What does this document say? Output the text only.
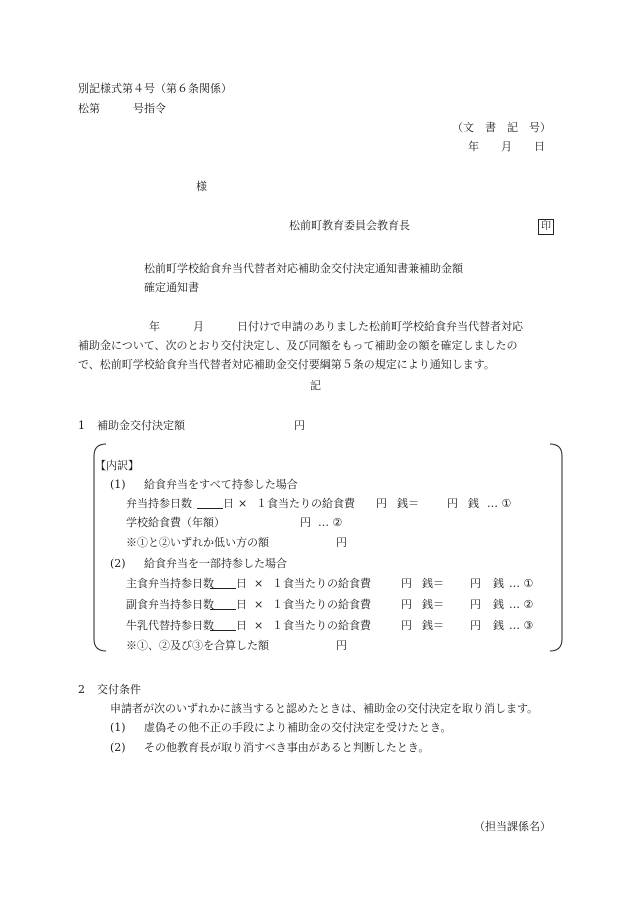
別記様式第４号（第６条関係）
松第　　　号指令
（文　書　記　号）
年　　月　　日
様
松前町教育委員会教育長	印
松前町学校給食弁当代替者対応補助金交付決定通知書兼補助金額
確定通知書
年　　　月　　　日付けで申請のありました松前町学校給食弁当代替者対応
補助金について、次のとおり交付決定し、及び同額をもって補助金の額を確定しましたの
で、松前町学校給食弁当代替者対応補助金交付要綱第５条の規定により通知します。
記
1 補助金交付決定額	円
【内訳】
(1) 給食弁当をすべて持参した場合
弁当持参日数	日 × １食当たりの給食費 円 銭＝	円 銭 … ①
学校給食費（年額）	円 … ②
※①と②いずれか低い方の額	円
(2) 給食弁当を一部持参した場合
主食弁当持参日数 日 × １食当たりの給食費	円 銭＝ 円 銭 … ①
副食弁当持参日数 日 × １食当たりの給食費	円 銭＝ 円 銭 … ②
牛乳代替持参日数 日 × １食当たりの給食費	円 銭＝ 円 銭 … ③
※①、②及び③を合算した額	円
2 交付条件
申請者が次のいずれかに該当すると認めたときは、補助金の交付決定を取り消します。
(1) 虚偽その他不正の手段により補助金の交付決定を受けたとき。
(2) その他教育長が取り消すべき事由があると判断したとき。
（担当課係名）
